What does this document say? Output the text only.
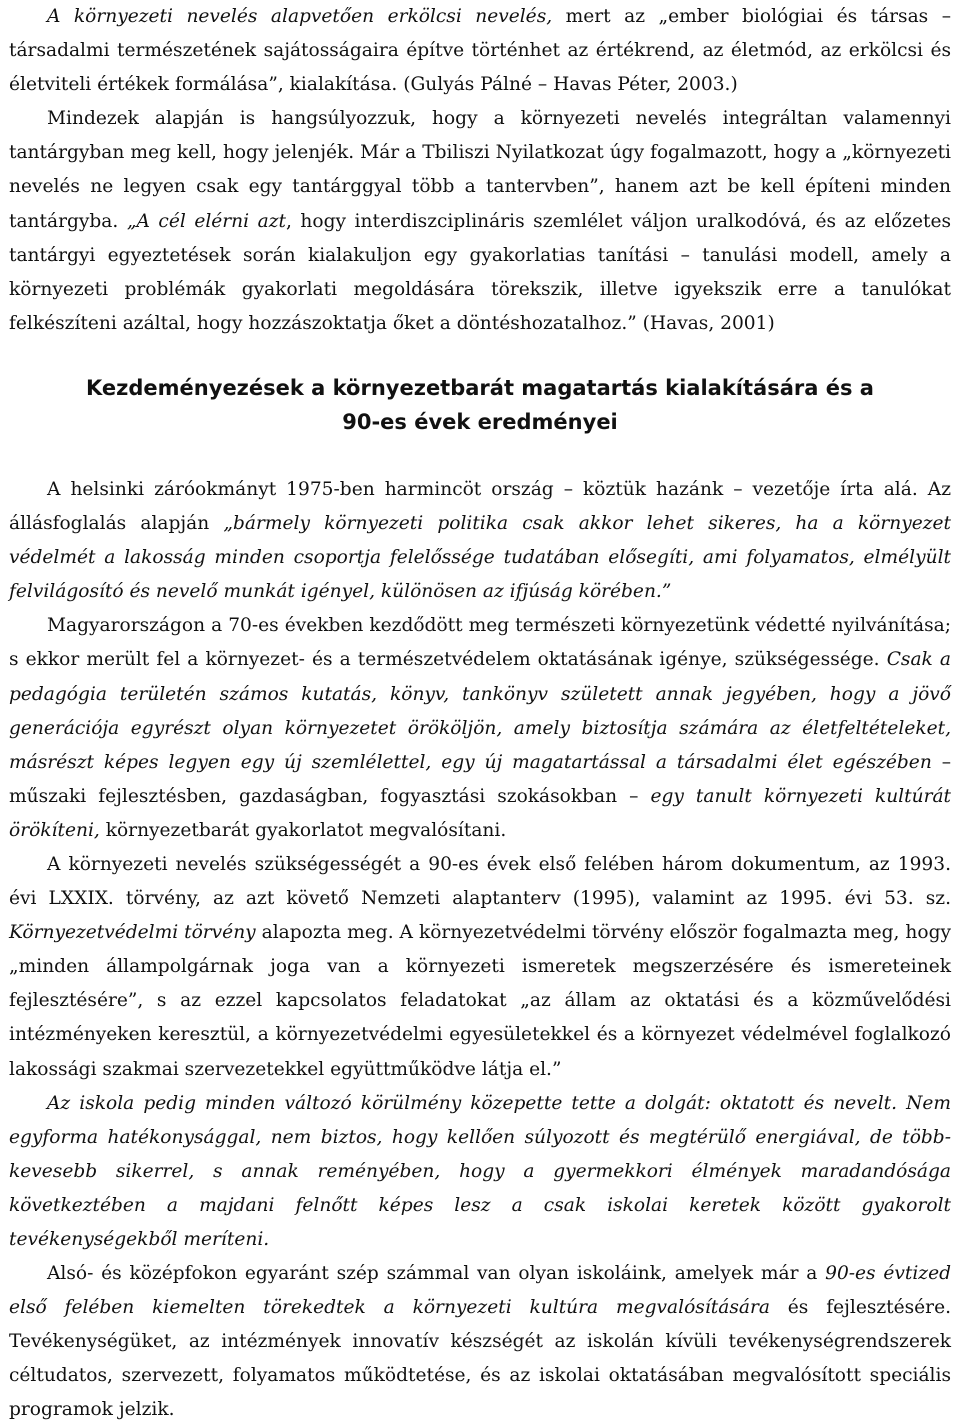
A környezeti nevelés alapvetően erkölcsi nevelés, mert az „ember biológiai és társas – társadalmi természetének sajátosságaira építve történhet az értékrend, az életmód, az erkölcsi és életviteli értékek formálása”, kialakítása. (Gulyás Pálné – Havas Péter, 2003.)

Mindezek alapján is hangsúlyozzuk, hogy a környezeti nevelés integráltan valamennyi tantárgyban meg kell, hogy jelenjék. Már a Tbiliszi Nyilatkozat úgy fogalmazott, hogy a „környezeti nevelés ne legyen csak egy tantárggyal több a tantervben”, hanem azt be kell építeni minden tantárgyba. „A cél elérni azt, hogy interdiszciplináris szemlélet váljon uralkodóvá, és az előzetes tantárgyi egyeztetések során kialakuljon egy gyakorlatias tanítási – tanulási modell, amely a környezeti problémák gyakorlati megoldására törekszik, illetve igyekszik erre a tanulókat felkészíteni azáltal, hogy hozzászoktatja őket a döntéshozatalhoz.” (Havas, 2001)

Kezdeményezések a környezetbarát magatartás kialakítására és a
90-es évek eredményei

A helsinki záróokmányt 1975-ben harmincöt ország – köztük hazánk – vezetője írta alá. Az állásfoglalás alapján „bármely környezeti politika csak akkor lehet sikeres, ha a környezet védelmét a lakosság minden csoportja felelőssége tudatában elősegíti, ami folyamatos, elmélyült felvilágosító és nevelő munkát igényel, különösen az ifjúság körében.”

Magyarországon a 70-es években kezdődött meg természeti környezetünk védetté nyilvánítása; s ekkor merült fel a környezet- és a természetvédelem oktatásának igénye, szükségessége. Csak a pedagógia területén számos kutatás, könyv, tankönyv született annak jegyében, hogy a jövő generációja egyrészt olyan környezetet örököljön, amely biztosítja számára az életfeltételeket, másrészt képes legyen egy új szemlélettel, egy új magatartással a társadalmi élet egészében – műszaki fejlesztésben, gazdaságban, fogyasztási szokásokban – egy tanult környezeti kultúrát örökíteni, környezetbarát gyakorlatot megvalósítani.

A környezeti nevelés szükségességét a 90-es évek első felében három dokumentum, az 1993. évi LXXIX. törvény, az azt követő Nemzeti alaptanterv (1995), valamint az 1995. évi 53. sz. Környezetvédelmi törvény alapozta meg. A környezetvédelmi törvény először fogalmazta meg, hogy „minden állampolgárnak joga van a környezeti ismeretek megszerzésére és ismereteinek fejlesztésére”, s az ezzel kapcsolatos feladatokat „az állam az oktatási és a közművelődési intézményeken keresztül, a környezetvédelmi egyesületekkel és a környezet védelmével foglalkozó lakossági szakmai szervezetekkel együttműködve látja el.”

Az iskola pedig minden változó körülmény közepette tette a dolgát: oktatott és nevelt. Nem egyforma hatékonysággal, nem biztos, hogy kellően súlyozott és megtérülő energiával, de több-kevesebb sikerrel, s annak reményében, hogy a gyermekkori élmények maradandósága következtében a majdani felnőtt képes lesz a csak iskolai keretek között gyakorolt tevékenységekből meríteni.

Alsó- és középfokon egyaránt szép számmal van olyan iskoláink, amelyek már a 90-es évtized első felében kiemelten törekedtek a környezeti kultúra megvalósítására és fejlesztésére. Tevékenységüket, az intézmények innovatív készségét az iskolán kívüli tevékenységrendszerek céltudatos, szervezett, folyamatos működtetése, és az iskolai oktatásában megvalósított speciális programok jelzik.
